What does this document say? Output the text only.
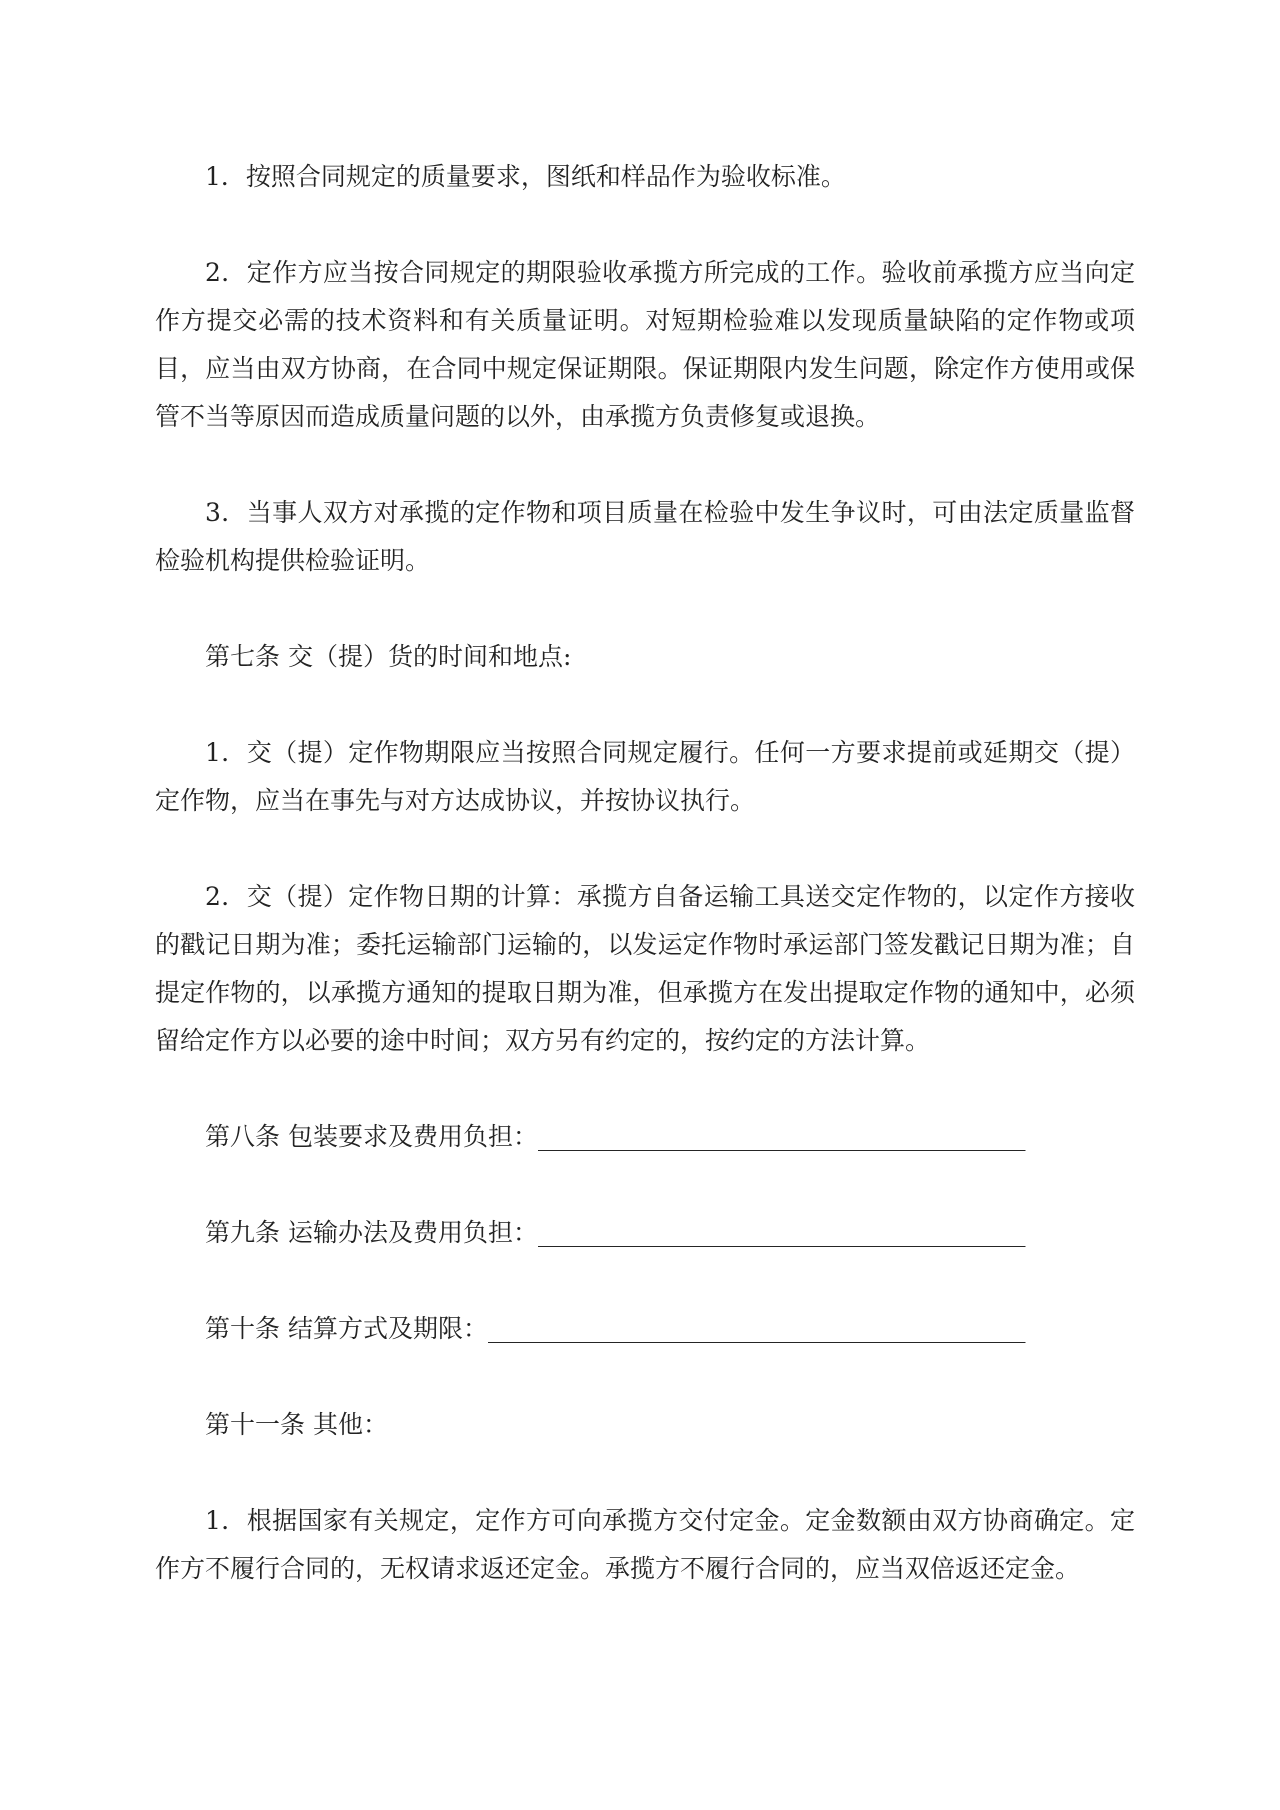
1．按照合同规定的质量要求，图纸和样品作为验收标准。

2．定作方应当按合同规定的期限验收承揽方所完成的工作。验收前承揽方应当向定作方提交必需的技术资料和有关质量证明。对短期检验难以发现质量缺陷的定作物或项目，应当由双方协商，在合同中规定保证期限。保证期限内发生问题，除定作方使用或保管不当等原因而造成质量问题的以外，由承揽方负责修复或退换。

3．当事人双方对承揽的定作物和项目质量在检验中发生争议时，可由法定质量监督检验机构提供检验证明。

第七条 交（提）货的时间和地点:

1．交（提）定作物期限应当按照合同规定履行。任何一方要求提前或延期交（提）定作物，应当在事先与对方达成协议，并按协议执行。

2．交（提）定作物日期的计算：承揽方自备运输工具送交定作物的，以定作方接收的戳记日期为准；委托运输部门运输的，以发运定作物时承运部门签发戳记日期为准；自提定作物的，以承揽方通知的提取日期为准，但承揽方在发出提取定作物的通知中，必须留给定作方以必要的途中时间；双方另有约定的，按约定的方法计算。

第八条 包装要求及费用负担：_______________________________________

第九条 运输办法及费用负担：_______________________________________

第十条 结算方式及期限：___________________________________________

第十一条 其他：

1．根据国家有关规定，定作方可向承揽方交付定金。定金数额由双方协商确定。定作方不履行合同的，无权请求返还定金。承揽方不履行合同的，应当双倍返还定金。
